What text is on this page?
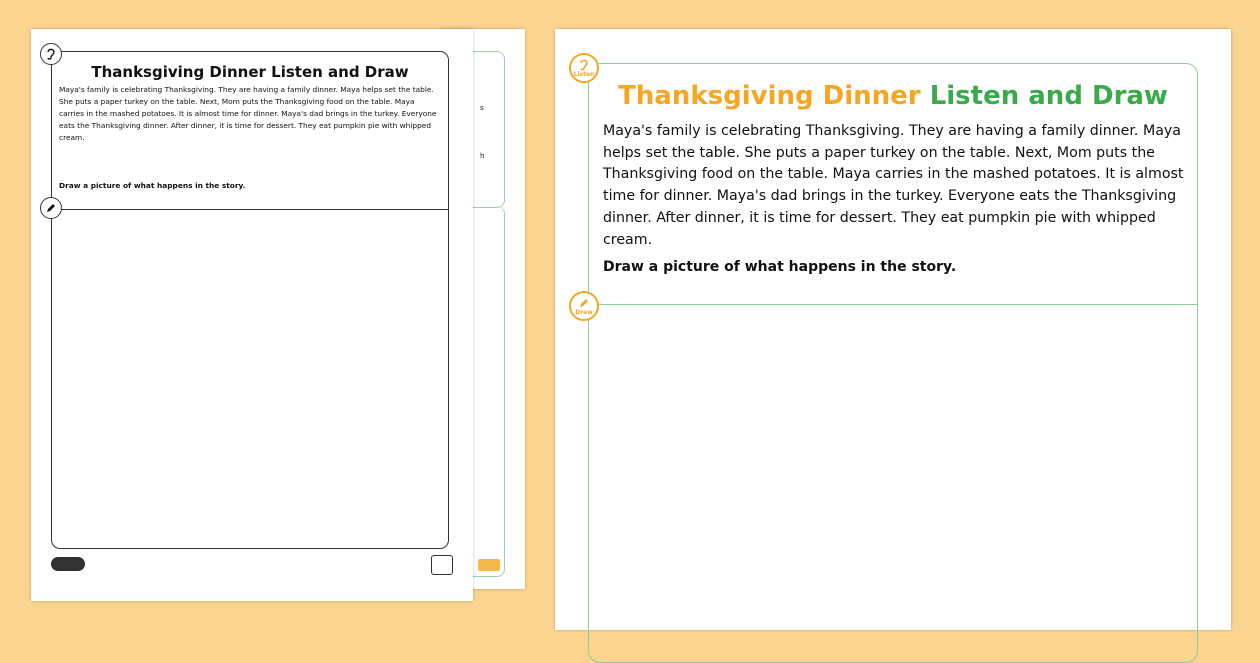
s
h
Thanksgiving Dinner Listen and Draw

Maya's family is celebrating Thanksgiving. They are having a family dinner. Maya helps set the table. She puts a paper turkey on the table. Next, Mom puts the Thanksgiving food on the table. Maya carries in the mashed potatoes. It is almost time for dinner. Maya's dad brings in the turkey. Everyone eats the Thanksgiving dinner. After dinner, it is time for dessert. They eat pumpkin pie with whipped cream.

Draw a picture of what happens in the story.

Listen
Draw
Thanksgiving Dinner Listen and Draw

Maya's family is celebrating Thanksgiving. They are having a family dinner. Maya helps set the table. She puts a paper turkey on the table. Next, Mom puts the Thanksgiving food on the table. Maya carries in the mashed potatoes. It is almost time for dinner. Maya's dad brings in the turkey. Everyone eats the Thanksgiving dinner. After dinner, it is time for dessert. They eat pumpkin pie with whipped cream.

Draw a picture of what happens in the story.
